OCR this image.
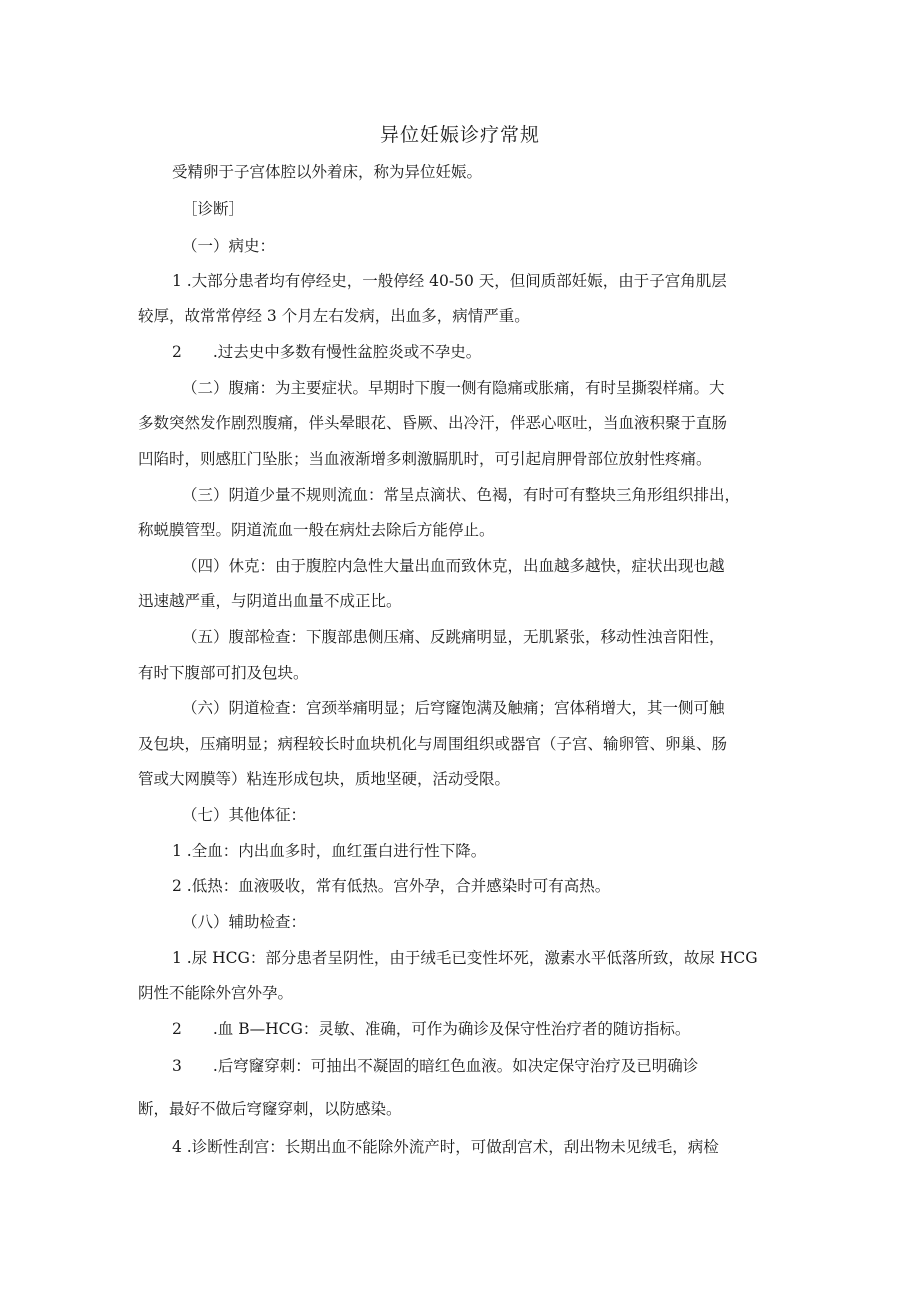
异位妊娠诊疗常规
受精卵于子宫体腔以外着床，称为异位妊娠。
［诊断］
（一）病史：
1 .大部分患者均有停经史，一般停经 40-50 天，但间质部妊娠，由于子宫角肌层
较厚，故常常停经 3 个月左右发病，出血多，病情严重。
2　　.过去史中多数有慢性盆腔炎或不孕史。
（二）腹痛：为主要症状。早期时下腹一侧有隐痛或胀痛，有时呈撕裂样痛。大
多数突然发作剧烈腹痛，伴头晕眼花、昏厥、出冷汗，伴恶心呕吐，当血液积聚于直肠
凹陷时，则感肛门坠胀；当血液渐增多刺激膈肌时，可引起肩胛骨部位放射性疼痛。
（三）阴道少量不规则流血：常呈点滴状、色褐，有时可有整块三角形组织排出，
称蜕膜管型。阴道流血一般在病灶去除后方能停止。
（四）休克：由于腹腔内急性大量出血而致休克，出血越多越快，症状出现也越
迅速越严重，与阴道出血量不成正比。
（五）腹部检查：下腹部患侧压痛、反跳痛明显，无肌紧张，移动性浊音阳性，
有时下腹部可扪及包块。
（六）阴道检查：宫颈举痛明显；后穹窿饱满及触痛；宫体稍增大，其一侧可触
及包块，压痛明显；病程较长时血块机化与周围组织或器官（子宫、输卵管、卵巢、肠
管或大网膜等）粘连形成包块，质地坚硬，活动受限。
（七）其他体征：
1 .全血：内出血多时，血红蛋白进行性下降。
2 .低热：血液吸收，常有低热。宫外孕，合并感染时可有高热。
（八）辅助检查：
1 .尿 HCG：部分患者呈阴性，由于绒毛已变性坏死，激素水平低落所致，故尿 HCG
阴性不能除外宫外孕。
2　　.血 B—HCG：灵敏、准确，可作为确诊及保守性治疗者的随访指标。
3　　.后穹窿穿刺：可抽出不凝固的暗红色血液。如决定保守治疗及已明确诊
断，最好不做后穹窿穿刺，以防感染。
4 .诊断性刮宫：长期出血不能除外流产时，可做刮宫术，刮出物未见绒毛，病检
